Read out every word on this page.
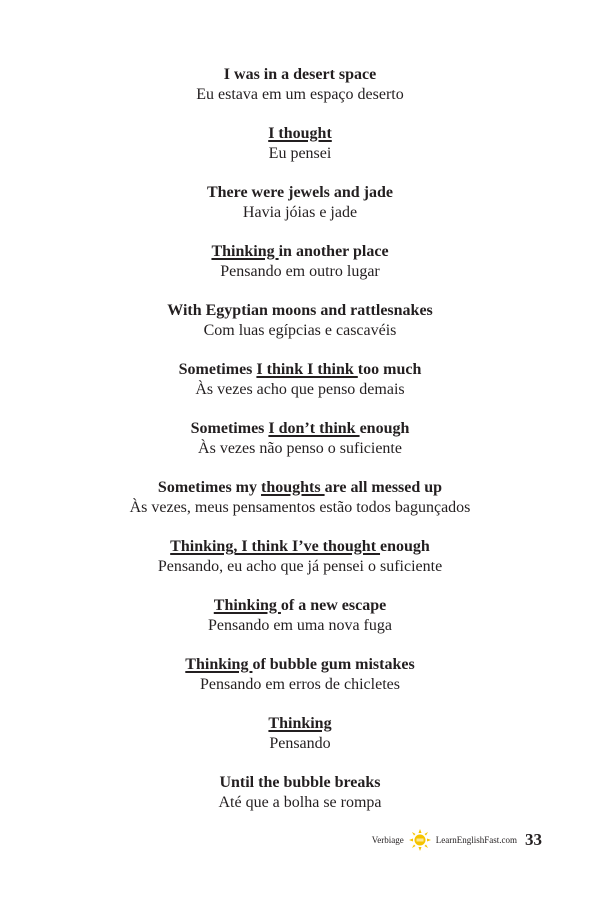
I was in a desert space
Eu estava em um espaço deserto
I thought
Eu pensei
There were jewels and jade
Havia jóias e jade
Thinking in another place
Pensando em outro lugar
With Egyptian moons and rattlesnakes
Com luas egípcias e cascavéis
Sometimes I think I think too much
Às vezes acho que penso demais
Sometimes I don’t think enough
Às vezes não penso o suficiente
Sometimes my thoughts are all messed up
Às vezes, meus pensamentos estão todos bagunçados
Thinking, I think I’ve thought enough
Pensando, eu acho que já pensei o suficiente
Thinking of a new escape
Pensando em uma nova fuga
Thinking of bubble gum mistakes
Pensando em erros de chicletes
Thinking
Pensando
Until the bubble breaks
Até que a bolha se rompa
Verbiage	LearnEnglishFast.com 33
